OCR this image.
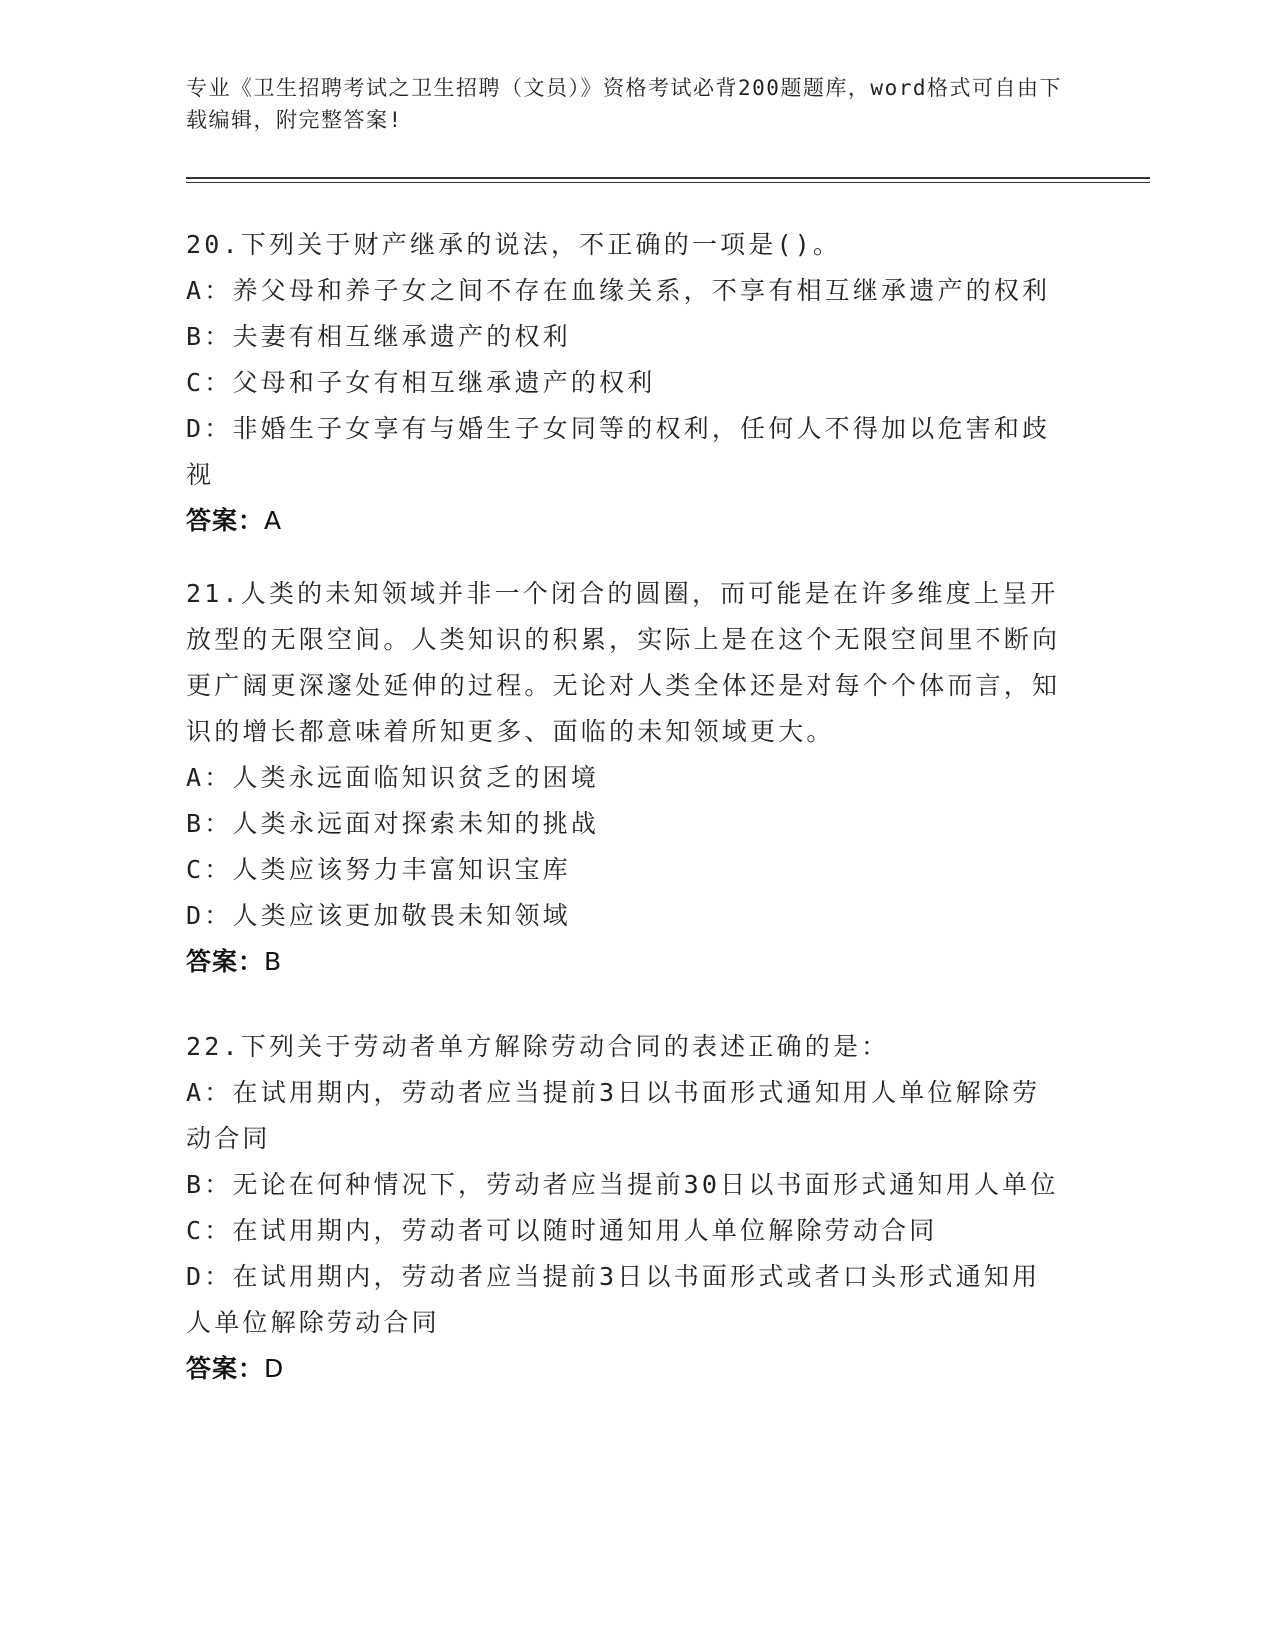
专业《卫生招聘考试之卫生招聘（文员）》资格考试必背200题题库，word格式可自由下载编辑，附完整答案!
20.下列关于财产继承的说法，不正确的一项是()。
A：养父母和养子女之间不存在血缘关系，不享有相互继承遗产的权利
B：夫妻有相互继承遗产的权利
C：父母和子女有相互继承遗产的权利
D：非婚生子女享有与婚生子女同等的权利，任何人不得加以危害和歧视
答案：A
21.人类的未知领域并非一个闭合的圆圈，而可能是在许多维度上呈开放型的无限空间。人类知识的积累，实际上是在这个无限空间里不断向更广阔更深邃处延伸的过程。无论对人类全体还是对每个个体而言，知识的增长都意味着所知更多、面临的未知领域更大。
A：人类永远面临知识贫乏的困境
B：人类永远面对探索未知的挑战
C：人类应该努力丰富知识宝库
D：人类应该更加敬畏未知领域
答案：B
22.下列关于劳动者单方解除劳动合同的表述正确的是：
A：在试用期内，劳动者应当提前3日以书面形式通知用人单位解除劳动合同
B：无论在何种情况下，劳动者应当提前30日以书面形式通知用人单位
C：在试用期内，劳动者可以随时通知用人单位解除劳动合同
D：在试用期内，劳动者应当提前3日以书面形式或者口头形式通知用人单位解除劳动合同
答案：D
